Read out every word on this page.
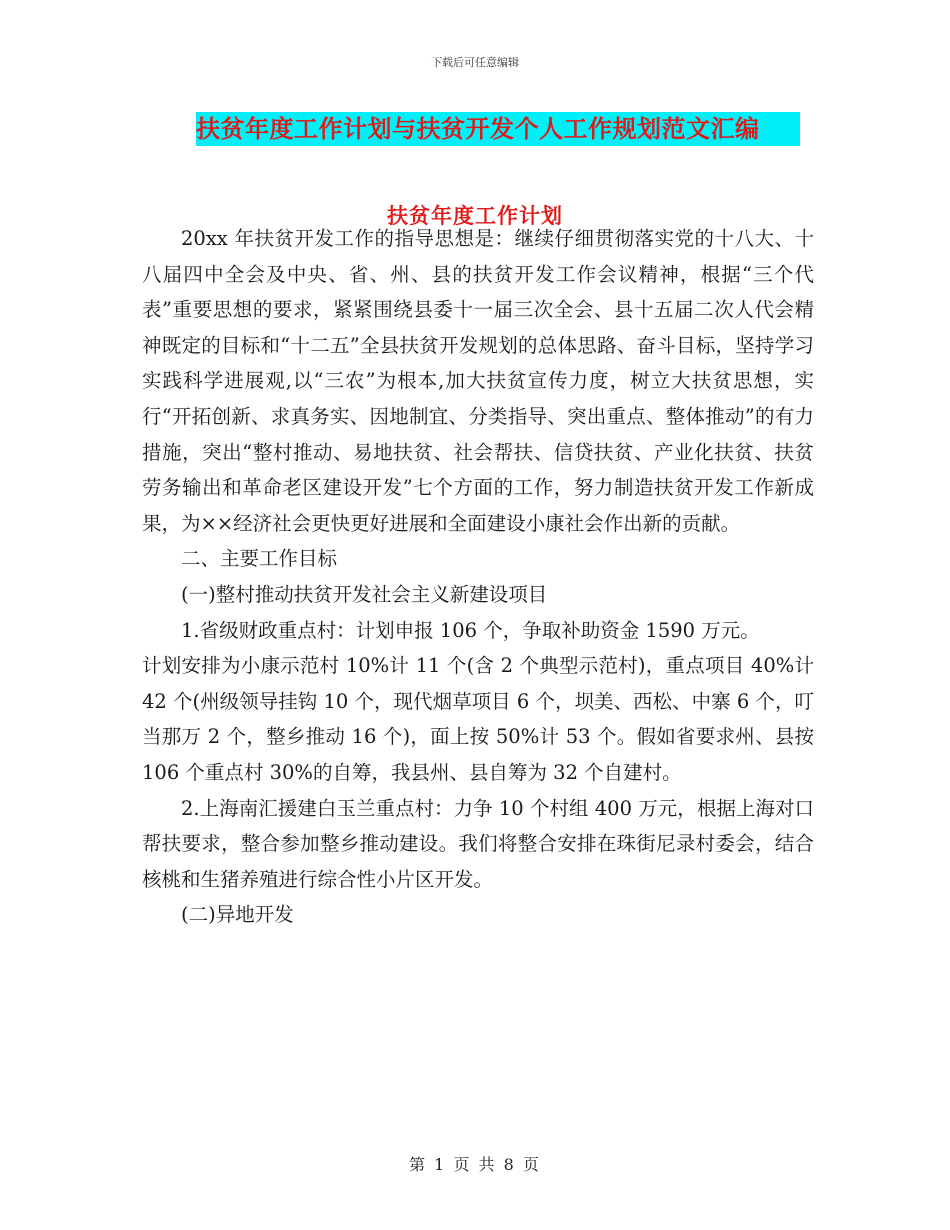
下载后可任意编辑
扶贫年度工作计划与扶贫开发个人工作规划范文汇编
扶贫年度工作计划

20xx 年扶贫开发工作的指导思想是：继续仔细贯彻落实党的十八大、十八届四中全会及中央、省、州、县的扶贫开发工作会议精神，根据“三个代表”重要思想的要求，紧紧围绕县委十一届三次全会、县十五届二次人代会精神既定的目标和“十二五”全县扶贫开发规划的总体思路、奋斗目标，坚持学习实践科学进展观,以“三农”为根本,加大扶贫宣传力度，树立大扶贫思想，实行“开拓创新、求真务实、因地制宜、分类指导、突出重点、整体推动”的有力措施，突出“整村推动、易地扶贫、社会帮扶、信贷扶贫、产业化扶贫、扶贫劳务输出和革命老区建设开发”七个方面的工作，努力制造扶贫开发工作新成果，为××经济社会更快更好进展和全面建设小康社会作出新的贡献。

二、主要工作目标

(一)整村推动扶贫开发社会主义新建设项目

1.省级财政重点村：计划申报 106 个，争取补助资金 1590 万元。

计划安排为小康示范村 10%计 11 个(含 2 个典型示范村)，重点项目 40%计 42 个(州级领导挂钩 10 个，现代烟草项目 6 个，坝美、西松、中寨 6 个，叮当那万 2 个，整乡推动 16 个)，面上按 50%计 53 个。假如省要求州、县按 106 个重点村 30%的自筹，我县州、县自筹为 32 个自建村。

2.上海南汇援建白玉兰重点村：力争 10 个村组 400 万元，根据上海对口帮扶要求，整合参加整乡推动建设。我们将整合安排在珠街尼录村委会，结合核桃和生猪养殖进行综合性小片区开发。

(二)异地开发

第 1 页 共 8 页
